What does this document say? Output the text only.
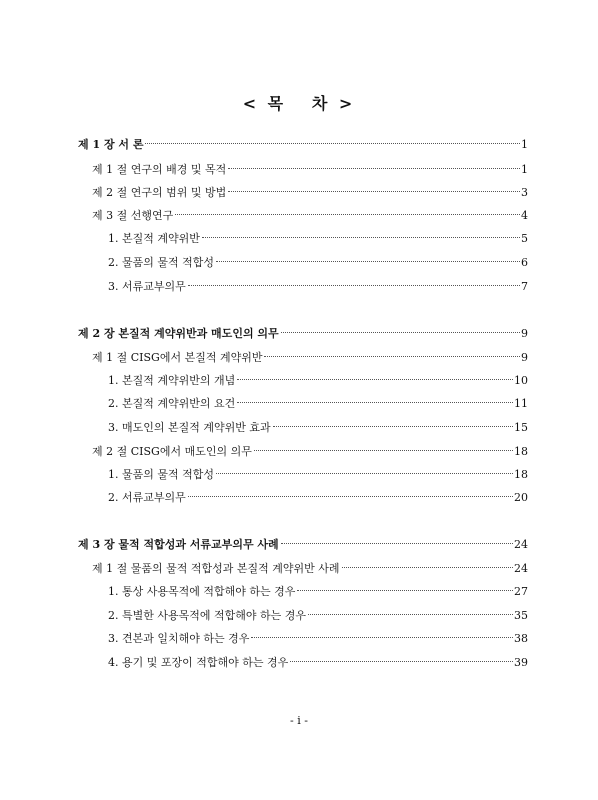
< 목   차 >
제 1 장 서 론	1
제 1 절 연구의 배경 및 목적	1
제 2 절 연구의 범위 및 방법	3
제 3 절 선행연구	4
1. 본질적 계약위반	5
2. 물품의 물적 적합성	6
3. 서류교부의무	7
제 2 장 본질적 계약위반과 매도인의 의무	9
제 1 절 CISG에서 본질적 계약위반	9
1. 본질적 계약위반의 개념	10
2. 본질적 계약위반의 요건	11
3. 매도인의 본질적 계약위반 효과	15
제 2 절 CISG에서 매도인의 의무	18
1. 물품의 물적 적합성	18
2. 서류교부의무	20
제 3 장 물적 적합성과 서류교부의무 사례	24
제 1 절 물품의 물적 적합성과 본질적 계약위반 사례	24
1. 통상 사용목적에 적합해야 하는 경우	27
2. 특별한 사용목적에 적합해야 하는 경우	35
3. 견본과 일치해야 하는 경우	38
4. 용기 및 포장이 적합해야 하는 경우	39
- i -
